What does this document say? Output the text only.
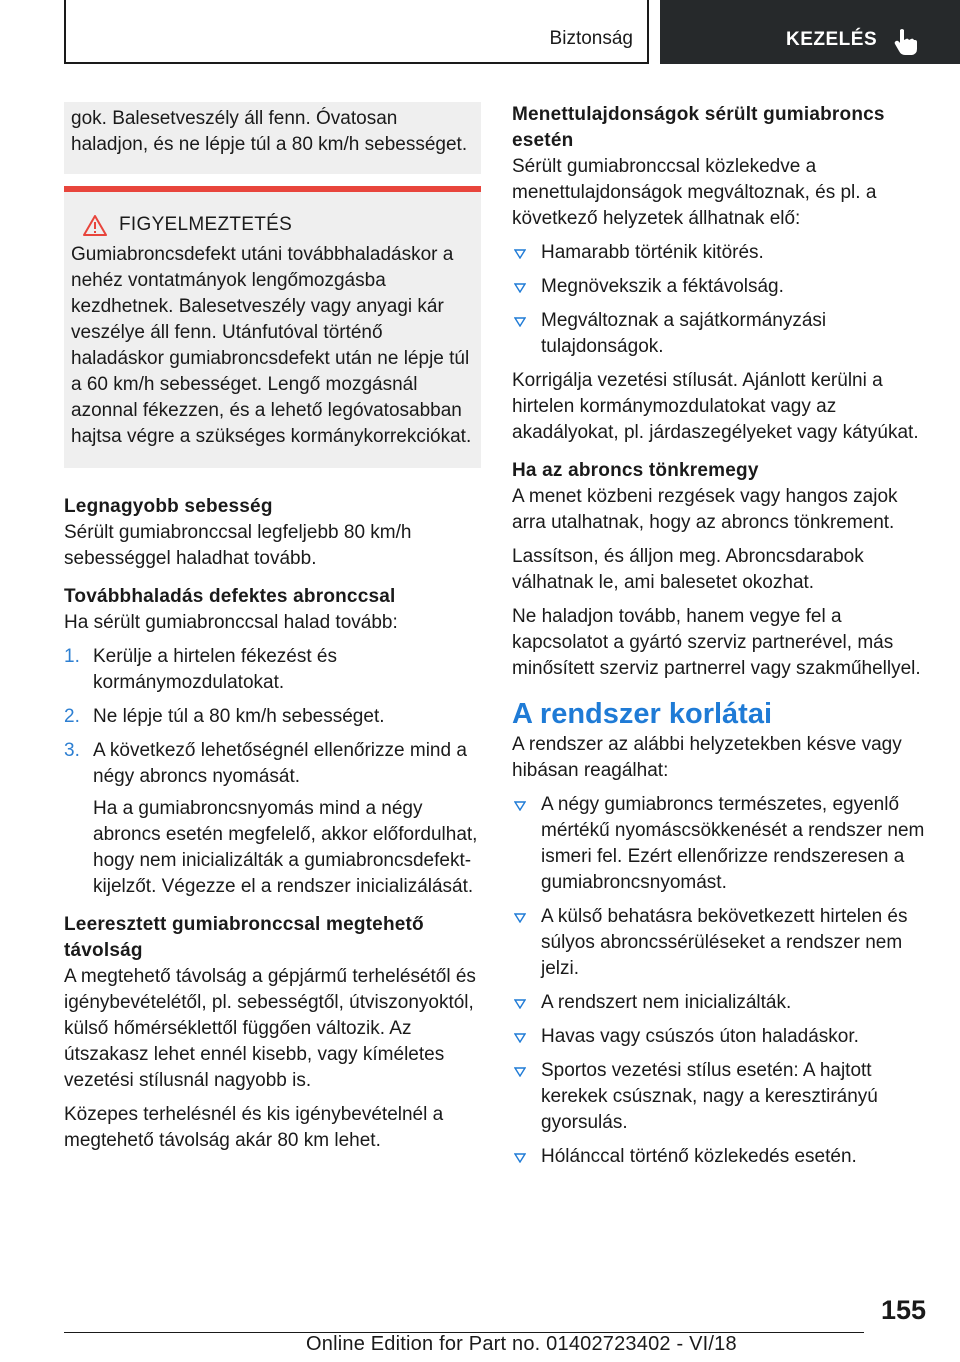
Biztonság	KEZELÉS

gok. Balesetveszély áll fenn. Óvatosan haladjon, és ne lépje túl a 80 km/h sebességet.

FIGYELMEZTETÉS

Gumiabroncsdefekt utáni továbbhaladáskor a nehéz vontatmányok lengőmozgásba kezdhetnek. Balesetveszély vagy anyagi kár veszélye áll fenn. Utánfutóval történő haladáskor gumiabroncsdefekt után ne lépje túl a 60 km/h sebességet. Lengő mozgásnál azonnal fékezzen, és a lehető legóvatosabban hajtsa végre a szükséges kormánykorrekciókat.

Legnagyobb sebesség

Sérült gumiabronccsal legfeljebb 80 km/h sebességgel haladhat tovább.

Továbbhaladás defektes abronccsal

Ha sérült gumiabronccsal halad tovább:

1. Kerülje a hirtelen fékezést és kormánymozdulatokat.
2. Ne lépje túl a 80 km/h sebességet.
3. A következő lehetőségnél ellenőrizze mind a négy abroncs nyomását.

Ha a gumiabroncsnyomás mind a négy abroncs esetén megfelelő, akkor előfordulhat, hogy nem inicializálták a gumiabroncsdefekt-kijelzőt. Végezze el a rendszer inicializálását.

Leeresztett gumiabronccsal megtehető távolság

A megtehető távolság a gépjármű terhelésétől és igénybevételétől, pl. sebességtől, útviszonyoktól, külső hőmérséklettől függően változik. Az útszakasz lehet ennél kisebb, vagy kíméletes vezetési stílusnál nagyobb is.

Közepes terhelésnél és kis igénybevételnél a megtehető távolság akár 80 km lehet.

Menettulajdonságok sérült gumiabroncs esetén

Sérült gumiabronccsal közlekedve a menettulajdonságok megváltoznak, és pl. a következő helyzetek állhatnak elő:

Hamarabb történik kitörés.
Megnövekszik a féktávolság.
Megváltoznak a sajátkormányzási tulajdonságok.

Korrigálja vezetési stílusát. Ajánlott kerülni a hirtelen kormánymozdulatokat vagy az akadályokat, pl. járdaszegélyeket vagy kátyúkat.

Ha az abroncs tönkremegy

A menet közbeni rezgések vagy hangos zajok arra utalhatnak, hogy az abroncs tönkrement.

Lassítson, és álljon meg. Abroncsdarabok válhatnak le, ami balesetet okozhat.

Ne haladjon tovább, hanem vegye fel a kapcsolatot a gyártó szerviz partnerével, más minősített szerviz partnerrel vagy szakműhellyel.

A rendszer korlátai

A rendszer az alábbi helyzetekben késve vagy hibásan reagálhat:

A négy gumiabroncs természetes, egyenlő mértékű nyomáscsökkenését a rendszer nem ismeri fel. Ezért ellenőrizze rendszeresen a gumiabroncsnyomást.
A külső behatásra bekövetkezett hirtelen és súlyos abroncssérüléseket a rendszer nem jelzi.
A rendszert nem inicializálták.
Havas vagy csúszós úton haladáskor.
Sportos vezetési stílus esetén: A hajtott kerekek csúsznak, nagy a keresztirányú gyorsulás.
Hólánccal történő közlekedés esetén.
155
Online Edition for Part no. 01402723402 - VI/18
